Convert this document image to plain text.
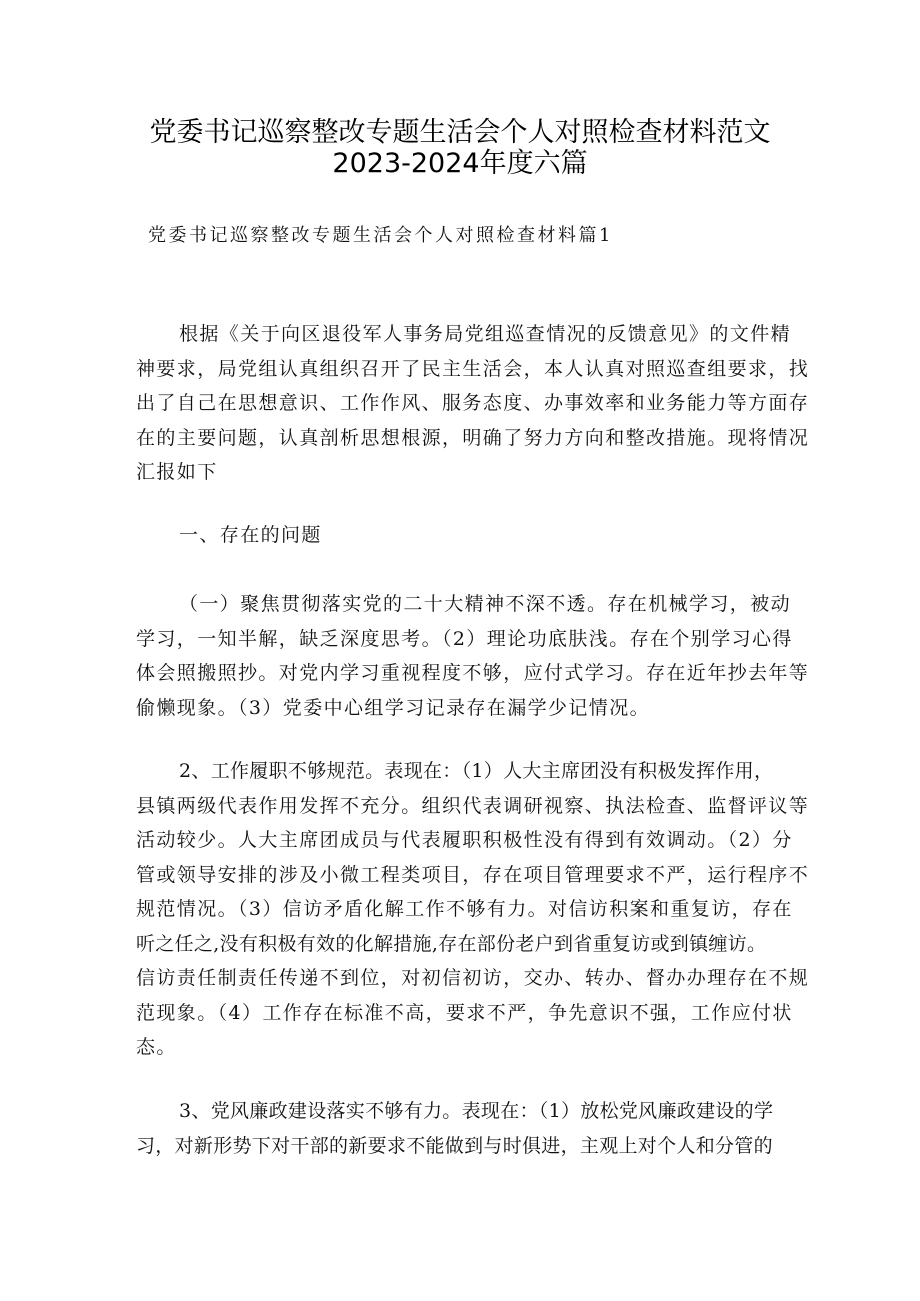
党委书记巡察整改专题生活会个人对照检查材料范文
2023-2024年度六篇
党委书记巡察整改专题生活会个人对照检查材料篇1
根据《关于向区退役军人事务局党组巡查情况的反馈意见》的文件精
神要求，局党组认真组织召开了民主生活会，本人认真对照巡查组要求，找
出了自己在思想意识、工作作风、服务态度、办事效率和业务能力等方面存
在的主要问题，认真剖析思想根源，明确了努力方向和整改措施。现将情况
汇报如下
一、存在的问题
（一）聚焦贯彻落实党的二十大精神不深不透。存在机械学习，被动
学习，一知半解，缺乏深度思考。（2）理论功底肤浅。存在个别学习心得
体会照搬照抄。对党内学习重视程度不够，应付式学习。存在近年抄去年等
偷懒现象。（3）党委中心组学习记录存在漏学少记情况。
2、工作履职不够规范。表现在：（1）人大主席团没有积极发挥作用，
县镇两级代表作用发挥不充分。组织代表调研视察、执法检查、监督评议等
活动较少。人大主席团成员与代表履职积极性没有得到有效调动。（2）分
管或领导安排的涉及小微工程类项目，存在项目管理要求不严，运行程序不
规范情况。（3）信访矛盾化解工作不够有力。对信访积案和重复访，存在
听之任之,没有积极有效的化解措施,存在部份老户到省重复访或到镇缠访。
信访责任制责任传递不到位，对初信初访，交办、转办、督办办理存在不规
范现象。（4）工作存在标准不高，要求不严，争先意识不强，工作应付状
态。
3、党风廉政建设落实不够有力。表现在：（1）放松党风廉政建设的学
习，对新形势下对干部的新要求不能做到与时俱进，主观上对个人和分管的
